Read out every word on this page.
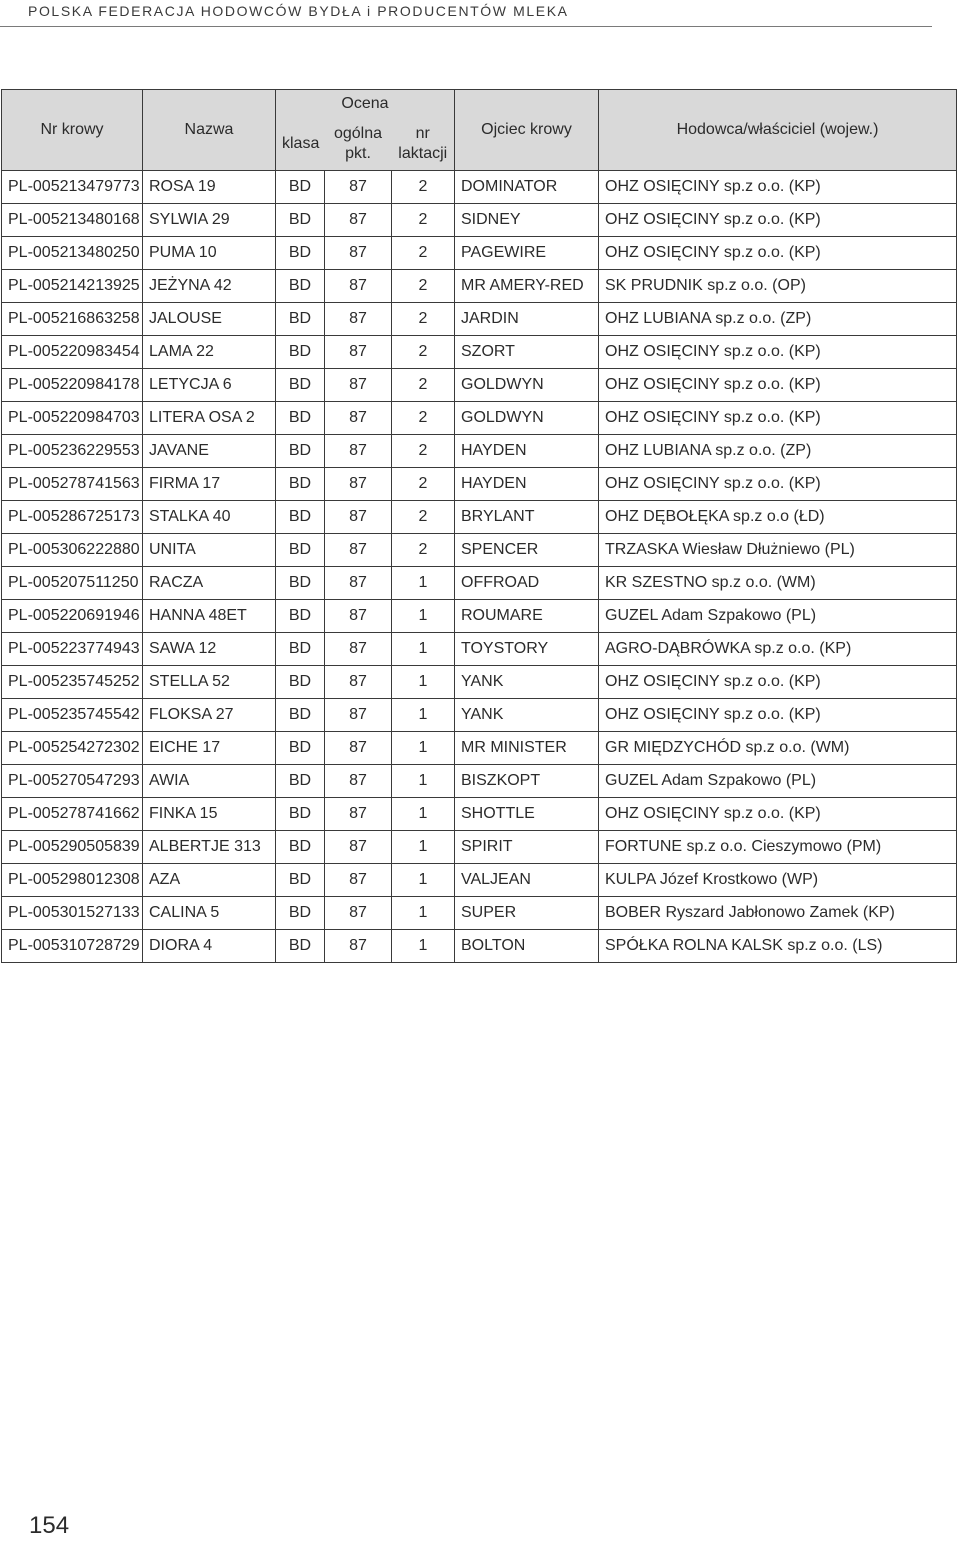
POLSKA FEDERACJA HODOWCÓW BYDŁA i PRODUCENTÓW MLEKA
Nr krowy	Nazwa	Ocena			Ojciec krowy	Hodowca/właściciel (wojew.)
		klasa	ogólna pkt.	nr laktacji		
PL-005213479773	ROSA 19	BD	87	2	DOMINATOR	OHZ OSIĘCINY sp.z o.o. (KP)
PL-005213480168	SYLWIA 29	BD	87	2	SIDNEY	OHZ OSIĘCINY sp.z o.o. (KP)
PL-005213480250	PUMA 10	BD	87	2	PAGEWIRE	OHZ OSIĘCINY sp.z o.o. (KP)
PL-005214213925	JEŻYNA 42	BD	87	2	MR AMERY-RED	SK PRUDNIK sp.z o.o. (OP)
PL-005216863258	JALOUSE	BD	87	2	JARDIN	OHZ LUBIANA sp.z o.o. (ZP)
PL-005220983454	LAMA 22	BD	87	2	SZORT	OHZ OSIĘCINY sp.z o.o. (KP)
PL-005220984178	LETYCJA 6	BD	87	2	GOLDWYN	OHZ OSIĘCINY sp.z o.o. (KP)
PL-005220984703	LITERA OSA 2	BD	87	2	GOLDWYN	OHZ OSIĘCINY sp.z o.o. (KP)
PL-005236229553	JAVANE	BD	87	2	HAYDEN	OHZ LUBIANA sp.z o.o. (ZP)
PL-005278741563	FIRMA 17	BD	87	2	HAYDEN	OHZ OSIĘCINY sp.z o.o. (KP)
PL-005286725173	STALKA 40	BD	87	2	BRYLANT	OHZ DĘBOŁĘKA sp.z o.o (ŁD)
PL-005306222880	UNITA	BD	87	2	SPENCER	TRZASKA Wiesław Dłużniewo (PL)
PL-005207511250	RACZA	BD	87	1	OFFROAD	KR SZESTNO sp.z o.o. (WM)
PL-005220691946	HANNA 48ET	BD	87	1	ROUMARE	GUZEL Adam Szpakowo (PL)
PL-005223774943	SAWA 12	BD	87	1	TOYSTORY	AGRO-DĄBRÓWKA sp.z o.o. (KP)
PL-005235745252	STELLA 52	BD	87	1	YANK	OHZ OSIĘCINY sp.z o.o. (KP)
PL-005235745542	FLOKSA 27	BD	87	1	YANK	OHZ OSIĘCINY sp.z o.o. (KP)
PL-005254272302	EICHE 17	BD	87	1	MR MINISTER	GR MIĘDZYCHÓD sp.z o.o. (WM)
PL-005270547293	AWIA	BD	87	1	BISZKOPT	GUZEL Adam Szpakowo (PL)
PL-005278741662	FINKA 15	BD	87	1	SHOTTLE	OHZ OSIĘCINY sp.z o.o. (KP)
PL-005290505839	ALBERTJE 313	BD	87	1	SPIRIT	FORTUNE sp.z o.o. Cieszymowo (PM)
PL-005298012308	AZA	BD	87	1	VALJEAN	KULPA Józef Krostkowo (WP)
PL-005301527133	CALINA 5	BD	87	1	SUPER	BOBER Ryszard Jabłonowo Zamek (KP)
PL-005310728729	DIORA 4	BD	87	1	BOLTON	SPÓŁKA ROLNA KALSK sp.z o.o. (LS)
154
